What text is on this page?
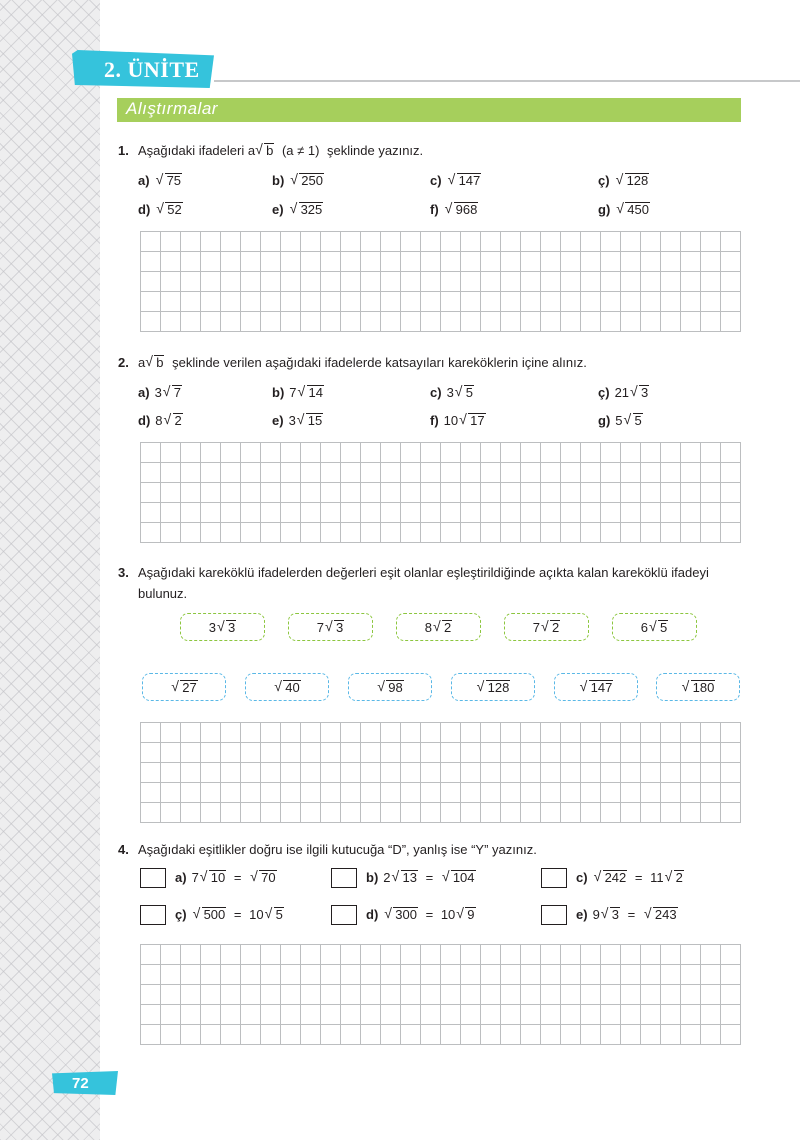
2. ÜNİTE
Alıştırmalar
1. Aşağıdaki ifadeleri a √ b (a ≠ 1) şeklinde yazınız.
a) √ 75	b) √ 250	c) √ 147	ç) √ 128
d) √ 52	e) √ 325	f) √ 968	g) √ 450
2. a √ b şeklinde verilen aşağıdaki ifadelerde katsayıları kareköklerin içine alınız.
a) 3 √ 7	b) 7 √ 14	c) 3 √ 5	ç) 21 √ 3
d) 8 √ 2	e) 3 √ 15	f) 10 √ 17	g) 5 √ 5
3. Aşağıdaki kareköklü ifadelerden değerleri eşit olanlar eşleştirildiğinde açıkta kalan kareköklü ifadeyi bulunuz.
3 √ 3	7 √ 3	8 √ 2	7 √ 2	6 √ 5
√ 27	√ 40	√ 98	√ 128	√ 147	√ 180
4. Aşağıdaki eşitlikler doğru ise ilgili kutucuğa “D”, yanlış ise “Y” yazınız.
a) 7 √ 10 = √ 70	b) 2 √ 13 = √ 104	c) √ 242 = 11 √ 2
ç) √ 500 = 10 √ 5	d) √ 300 = 10 √ 9	e) 9 √ 3 = √ 243
72
